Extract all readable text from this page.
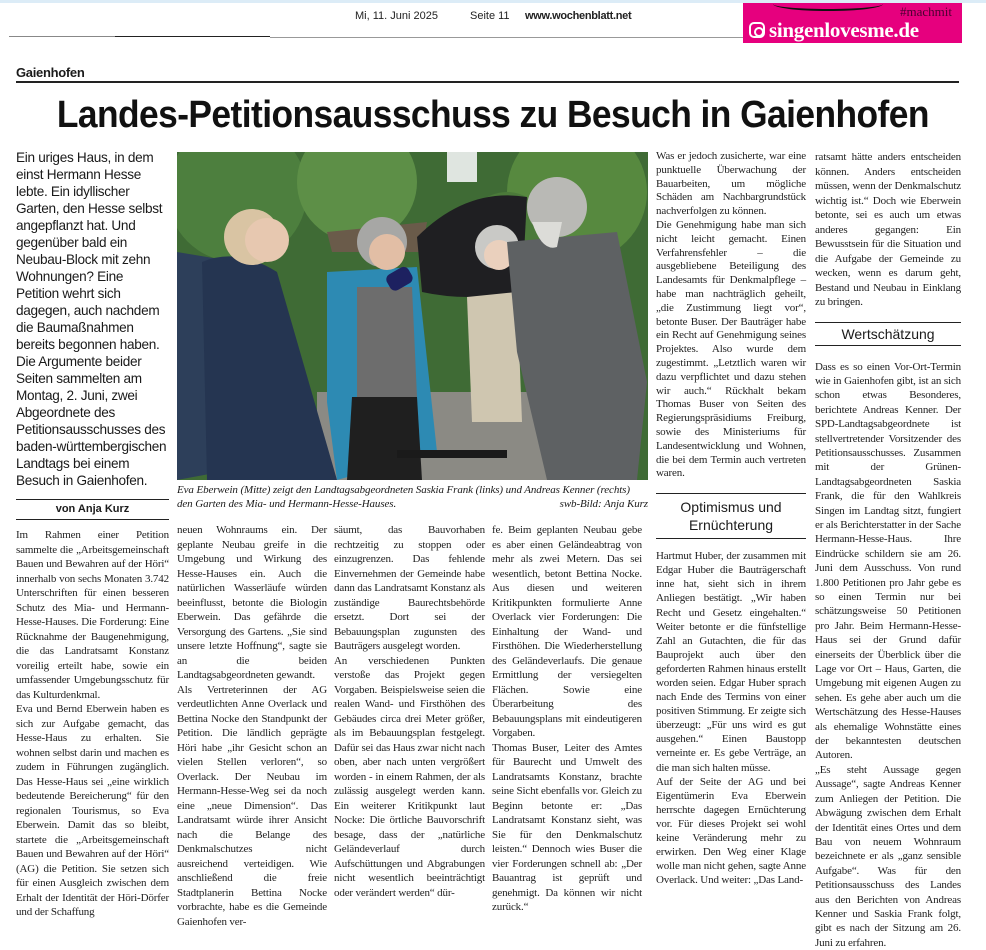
Mi, 11. Juni 2025	Seite 11 www.wochenblatt.net	#machmit
singenlovesme.de
Gaienhofen
Landes-Petitionsausschuss zu Besuch in Gaienhofen
Ein uriges Haus, in dem einst Hermann Hesse lebte. Ein idyllischer Garten, den Hesse selbst angepflanzt hat. Und gegenüber bald ein Neubau-Block mit zehn Wohnungen? Eine Petition wehrt sich dagegen, auch nachdem die Baumaßnahmen bereits begonnen haben. Die Argumente beider Seiten sammelten am Montag, 2. Juni, zwei Abgeordnete des Petitionsausschusses des baden-württembergischen Landtags bei einem Besuch in Gaienhofen.
von Anja Kurz

Im Rahmen einer Petition sammelte die „Arbeitsgemeinschaft Bauen und Bewahren auf der Höri“ innerhalb von sechs Monaten 3.742 Unterschriften für einen besseren Schutz des Mia- und Hermann-Hesse-Hauses. Die Forderung: Eine Rücknahme der Baugenehmigung, die das Landratsamt Konstanz voreilig erteilt habe, sowie ein umfassender Umgebungsschutz für das Kulturdenkmal.

Eva und Bernd Eberwein haben es sich zur Aufgabe gemacht, das Hesse-Haus zu erhalten. Sie wohnen selbst darin und machen es zudem in Führungen zugänglich. Das Hesse-Haus sei „eine wirklich bedeutende Bereicherung“ für den regionalen Tourismus, so Eva Eberwein. Damit das so bleibt, startete die „Arbeitsgemeinschaft Bauen und Bewahren auf der Höri“ (AG) die Petition. Sie setzen sich für einen Ausgleich zwischen dem Erhalt der Identität der Höri-Dörfer und der Schaffung

Eva Eberwein (Mitte) zeigt den Landtagsabgeordneten Saskia Frank (links) und Andreas Kenner (rechts) den Garten des Mia- und Hermann-Hesse-Hauses.	swb-Bild: Anja Kurz

neuen Wohnraums ein. Der geplante Neubau greife in die Umgebung und Wirkung des Hesse-Hauses ein. Auch die natürlichen Wasserläufe würden beeinflusst, betonte die Biologin Eberwein. Das gefährde die Versorgung des Gartens. „Sie sind unsere letzte Hoffnung“, sagte sie an die beiden Landtagsabgeordneten gewandt.

Als Vertreterinnen der AG verdeutlichten Anne Overlack und Bettina Nocke den Standpunkt der Petition. Die ländlich geprägte Höri habe „ihr Gesicht schon an vielen Stellen verloren“, so Overlack. Der Neubau im Hermann-Hesse-Weg sei da noch eine „neue Dimension“. Das Landratsamt würde ihrer Ansicht nach die Belange des Denkmalschutzes nicht ausreichend verteidigen. Wie anschließend die freie Stadtplanerin Bettina Nocke vorbrachte, habe es die Gemeinde Gaienhofen ver-

säumt, das Bauvorhaben rechtzeitig zu stoppen oder einzugrenzen. Das fehlende Einvernehmen der Gemeinde habe dann das Landratsamt Konstanz als zuständige Baurechtsbehörde ersetzt. Dort sei der Bebauungsplan zugunsten des Bauträgers ausgelegt worden.

An verschiedenen Punkten verstoße das Projekt gegen Vorgaben. Beispielsweise seien die realen Wand- und Firsthöhen des Gebäudes circa drei Meter größer, als im Bebauungsplan festgelegt. Dafür sei das Haus zwar nicht nach oben, aber nach unten vergrößert worden - in einem Rahmen, der als zulässig ausgelegt werden kann. Ein weiterer Kritikpunkt laut Nocke: Die örtliche Bauvorschrift besage, dass der „natürliche Geländeverlauf durch Aufschüttungen und Abgrabungen nicht wesentlich beeinträchtigt oder verändert werden“ dür-

fe. Beim geplanten Neubau gebe es aber einen Geländeabtrag von mehr als zwei Metern. Das sei wesentlich, betont Bettina Nocke. Aus diesen und weiteren Kritikpunkten formulierte Anne Overlack vier Forderungen: Die Einhaltung der Wand- und Firsthöhen. Die Wiederherstellung des Geländeverlaufs. Die genaue Ermittlung der versiegelten Flächen. Sowie eine Überarbeitung des Bebauungsplans mit eindeutigeren Vorgaben.

Thomas Buser, Leiter des Amtes für Baurecht und Umwelt des Landratsamts Konstanz, brachte seine Sicht ebenfalls vor. Gleich zu Beginn betonte er: „Das Landratsamt Konstanz sieht, was Sie für den Denkmalschutz leisten.“ Dennoch wies Buser die vier Forderungen schnell ab: „Der Bauantrag ist geprüft und genehmigt. Da können wir nicht zurück.“

Was er jedoch zusicherte, war eine punktuelle Überwachung der Bauarbeiten, um mögliche Schäden am Nachbargrundstück nachverfolgen zu können.

Die Genehmigung habe man sich nicht leicht gemacht. Einen Verfahrensfehler – die ausgebliebene Beteiligung des Landesamts für Denkmalpflege – habe man nachträglich geheilt, „die Zustimmung liegt vor“, betonte Buser. Der Bauträger habe ein Recht auf Genehmigung seines Projektes. Also wurde dem zugestimmt. „Letztlich waren wir dazu verpflichtet und dazu stehen wir auch.“ Rückhalt bekam Thomas Buser von Seiten des Regierungspräsidiums Freiburg, sowie des Ministeriums für Landesentwicklung und Wohnen, die bei dem Termin auch vertreten waren.

Optimismus und Ernüchterung

Hartmut Huber, der zusammen mit Edgar Huber die Bauträgerschaft inne hat, sieht sich in ihrem Anliegen bestätigt. „Wir haben Recht und Gesetz eingehalten.“ Weiter betonte er die fünfstellige Zahl an Gutachten, die für das Bauprojekt auch über den geforderten Rahmen hinaus erstellt worden seien. Edgar Huber sprach nach Ende des Termins von einer positiven Stimmung. Er zeigte sich überzeugt: „Für uns wird es gut ausgehen.“ Einen Baustopp verneinte er. Es gebe Verträge, an die man sich halten müsse.

Auf der Seite der AG und bei Eigentümerin Eva Eberwein herrschte dagegen Ernüchterung vor. Für dieses Projekt sei wohl keine Veränderung mehr zu erwirken. Den Weg einer Klage wolle man nicht gehen, sagte Anne Overlack. Und weiter: „Das Land-

ratsamt hätte anders entscheiden können. Anders entscheiden müssen, wenn der Denkmalschutz wichtig ist.“ Doch wie Eberwein betonte, sei es auch um etwas anderes gegangen: Ein Bewusstsein für die Situation und die Aufgabe der Gemeinde zu wecken, wenn es darum geht, Bestand und Neubau in Einklang zu bringen.

Wertschätzung

Dass es so einen Vor-Ort-Termin wie in Gaienhofen gibt, ist an sich schon etwas Besonderes, berichtete Andreas Kenner. Der SPD-Landtagsabgeordnete ist stellvertretender Vorsitzender des Petitionsausschusses. Zusammen mit der Grünen-Landtagsabgeordneten Saskia Frank, die für den Wahlkreis Singen im Landtag sitzt, fungiert er als Berichterstatter in der Sache Hermann-Hesse-Haus. Ihre Eindrücke schildern sie am 26. Juni dem Ausschuss. Von rund 1.800 Petitionen pro Jahr gebe es so einen Termin nur bei schätzungsweise 50 Petitionen pro Jahr. Beim Hermann-Hesse-Haus sei der Grund dafür einerseits der Überblick über die Lage vor Ort – Haus, Garten, die Umgebung mit eigenen Augen zu sehen. Es gehe aber auch um die Wertschätzung des Hesse-Hauses als ehemalige Wohnstätte eines der bekanntesten deutschen Autoren.

„Es steht Aussage gegen Aussage“, sagte Andreas Kenner zum Anliegen der Petition. Die Abwägung zwischen dem Erhalt der Identität eines Ortes und dem Bau von neuem Wohnraum bezeichnete er als „ganz sensible Aufgabe“. Was für den Petitionsausschuss des Landes aus den Berichten von Andreas Kenner und Saskia Frank folgt, gibt es nach der Sitzung am 26. Juni zu erfahren.
